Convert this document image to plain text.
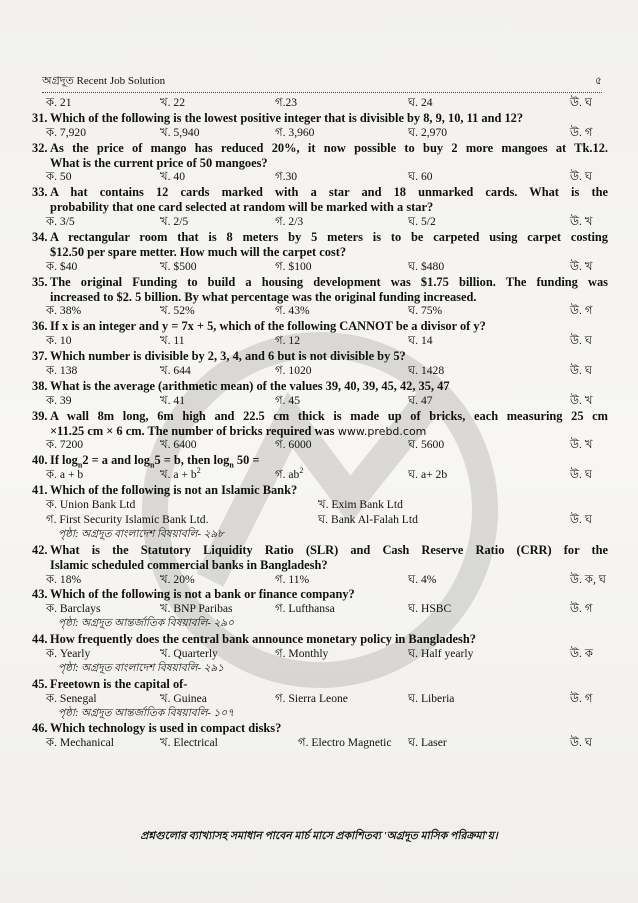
অগ্রদূত Recent Job Solution	৫
ক. 21	খ. 22	গ.23	ঘ. 24	উ. ঘ
31. Which of the following is the lowest positive integer that is divisible by 8, 9, 10, 11 and 12?
ক. 7,920	খ. 5,940	গ. 3,960	ঘ. 2,970	উ. গ
32. As the price of mango has reduced 20%, it now possible to buy 2 more mangoes at Tk.12.
What is the current price of 50 mangoes?
ক. 50	খ. 40	গ.30	ঘ. 60	উ. ঘ
33. A hat contains 12 cards marked with a star and 18 unmarked cards. What is the
probability that one card selected at random will be marked with a star?
ক. 3/5	খ. 2/5	গ. 2/3	ঘ. 5/2	উ. খ
34. A rectangular room that is 8 meters by 5 meters is to be carpeted using carpet costing
$12.50 per spare metter. How much will the carpet cost?
ক. $40	খ. $500	গ. $100	ঘ. $480	উ. খ
35. The original Funding to build a housing development was $1.75 billion. The funding was
increased to $2. 5 billion. By what percentage was the original funding increased.
ক. 38%	খ. 52%	গ. 43%	ঘ. 75%	উ. গ
36. If x is an integer and y = 7x + 5, which of the following CANNOT be a divisor of y?
ক. 10	খ. 11	গ. 12	ঘ. 14	উ. ঘ
37. Which number is divisible by 2, 3, 4, and 6 but is not divisible by 5?
ক. 138	খ. 644	গ. 1020	ঘ. 1428	উ. ঘ
38. What is the average (arithmetic mean) of the values 39, 40, 39, 45, 42, 35, 47
ক. 39	খ. 41	গ. 45	ঘ. 47	উ. খ
39. A wall 8m long, 6m high and 22.5 cm thick is made up of bricks, each measuring 25 cm
×11.25 cm × 6 cm. The number of bricks required was www.prebd.com
ক. 7200	খ. 6400	গ. 6000	ঘ. 5600	উ. খ
40. If $\log_n2 = a$ and $\log_n5 = b$, then $\log_n 50$ =
ক. a + b	খ. $a + b^2$	গ. $ab^2$	ঘ. a+ 2b	উ. ঘ
41. Which of the following is not an Islamic Bank?
ক. Union Bank Ltd	খ. Exim Bank Ltd
গ. First Security Islamic Bank Ltd.	ঘ. Bank Al-Falah Ltd	উ. ঘ
পৃষ্ঠা: অগ্রদূত বাংলাদেশ বিষয়াবলি- ২৯৮
42. What is the Statutory Liquidity Ratio (SLR) and Cash Reserve Ratio (CRR) for the
Islamic scheduled commercial banks in Bangladesh?
ক. 18%	খ. 20%	গ. 11%	ঘ. 4%	উ. ক, ঘ
43. Which of the following is not a bank or finance company?
ক. Barclays	খ. BNP Paribas	গ. Lufthansa	ঘ. HSBC	উ. গ
পৃষ্ঠা: অগ্রদূত আন্তর্জাতিক বিষয়াবলি- ২৯০
44. How frequently does the central bank announce monetary policy in Bangladesh?
ক. Yearly	খ. Quarterly	গ. Monthly	ঘ. Half yearly	উ. ক
পৃষ্ঠা: অগ্রদূত বাংলাদেশ বিষয়াবলি- ২৯১
45. Freetown is the capital of-
ক. Senegal	খ. Guinea	গ. Sierra Leone	ঘ. Liberia	উ. গ
পৃষ্ঠা: অগ্রদূত আন্তর্জাতিক বিষয়াবলি- ১০৭
46. Which technology is used in compact disks?
ক. Mechanical	খ. Electrical	গ. Electro Magnetic ঘ. Laser	উ. ঘ
প্রশ্নগুলোর ব্যাখ্যাসহ সমাধান পাবেন মার্চ মাসে প্রকাশিতব্য 'অগ্রদূত মাসিক পরিক্রমা'য়।
